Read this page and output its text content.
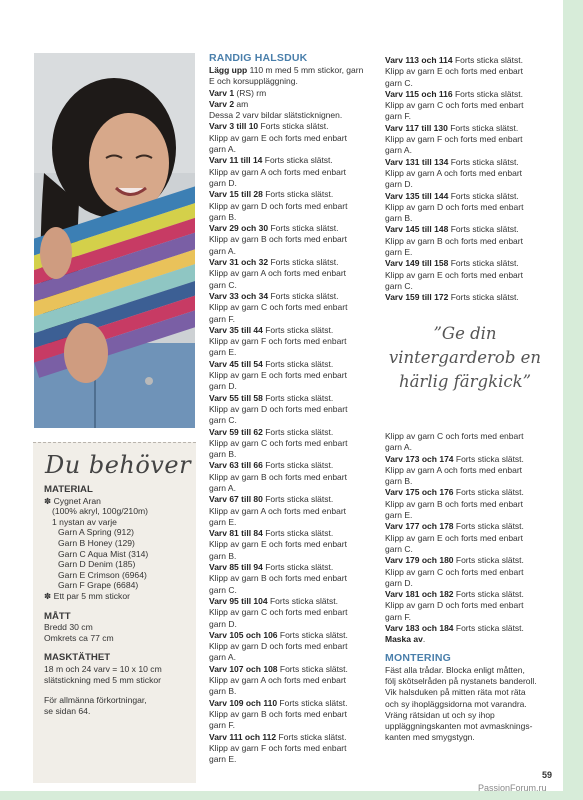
Du behöver
MATERIAL
✽ Cygnet Aran
(100% akryl, 100g/210m)
1 nystan av varje
Garn A Spring (912)
Garn B Honey (129)
Garn C Aqua Mist (314)
Garn D Denim (185)
Garn E Crimson (6964)
Garn F Grape (6684)
✽ Ett par 5 mm stickor
MÅTT
Bredd 30 cm
Omkrets ca 77 cm
MASKTÄTHET
18 m och 24 varv = 10 x 10 cm
slätstickning med 5 mm stickor
För allmänna förkortningar,
se sidan 64.
RANDIG HALSDUK
Lägg upp 110 m med 5 mm stickor, garn
E och korsuppläggning.
Varv 1 (RS) rm
Varv 2 am
Dessa 2 varv bildar slätsticknignen.
Varv 3 till 10 Forts sticka slätst.
Klipp av garn E och forts med enbart
garn A.
Varv 11 till 14 Forts sticka slätst.
Klipp av garn A och forts med enbart
garn D.
Varv 15 till 28 Forts sticka slätst.
Klipp av garn D och forts med enbart
garn B.
Varv 29 och 30 Forts sticka slätst.
Klipp av garn B och forts med enbart
garn A.
Varv 31 och 32 Forts sticka slätst.
Klipp av garn A och forts med enbart
garn C.
Varv 33 och 34 Forts sticka slätst.
Klipp av garn C och forts med enbart
garn F.
Varv 35 till 44 Forts sticka slätst.
Klipp av garn F och forts med enbart
garn E.
Varv 45 till 54 Forts sticka slätst.
Klipp av garn E och forts med enbart
garn D.
Varv 55 till 58 Forts sticka slätst.
Klipp av garn D och forts med enbart
garn C.
Varv 59 till 62 Forts sticka slätst.
Klipp av garn C och forts med enbart
garn B.
Varv 63 till 66 Forts sticka slätst.
Klipp av garn B och forts med enbart
garn A.
Varv 67 till 80 Forts sticka slätst.
Klipp av garn A och forts med enbart
garn E.
Varv 81 till 84 Forts sticka slätst.
Klipp av garn E och forts med enbart
garn B.
Varv 85 till 94 Forts sticka slätst.
Klipp av garn B och forts med enbart
garn C.
Varv 95 till 104 Forts sticka slätst.
Klipp av garn C och forts med enbart
garn D.
Varv 105 och 106 Forts sticka slätst.
Klipp av garn D och forts med enbart
garn A.
Varv 107 och 108 Forts sticka slätst.
Klipp av garn A och forts med enbart
garn B.
Varv 109 och 110 Forts sticka slätst.
Klipp av garn B och forts med enbart
garn F.
Varv 111 och 112 Forts sticka slätst.
Klipp av garn F och forts med enbart
garn E.
Varv 113 och 114 Forts sticka slätst.
Klipp av garn E och forts med enbart
garn C.
Varv 115 och 116 Forts sticka slätst.
Klipp av garn C och forts med enbart
garn F.
Varv 117 till 130 Forts sticka slätst.
Klipp av garn F och forts med enbart
garn A.
Varv 131 till 134 Forts sticka slätst.
Klipp av garn A och forts med enbart
garn D.
Varv 135 till 144 Forts sticka slätst.
Klipp av garn D och forts med enbart
garn B.
Varv 145 till 148 Forts sticka slätst.
Klipp av garn B och forts med enbart
garn E.
Varv 149 till 158 Forts sticka slätst.
Klipp av garn E och forts med enbart
garn C.
Varv 159 till 172 Forts sticka slätst.
”Ge din vintergarderob en härlig färgkick”
Klipp av garn C och forts med enbart
garn A.
Varv 173 och 174 Forts sticka slätst.
Klipp av garn A och forts med enbart
garn B.
Varv 175 och 176 Forts sticka slätst.
Klipp av garn B och forts med enbart
garn E.
Varv 177 och 178 Forts sticka slätst.
Klipp av garn E och forts med enbart
garn C.
Varv 179 och 180 Forts sticka slätst.
Klipp av garn C och forts med enbart
garn D.
Varv 181 och 182 Forts sticka slätst.
Klipp av garn D och forts med enbart
garn F.
Varv 183 och 184 Forts sticka slätst.
Maska av.
MONTERING
Fäst alla trådar. Blocka enligt måtten,
följ skötselråden på nystanets banderoll.
Vik halsduken på mitten räta mot räta
och sy ihopläggsidorna mot varandra.
Vräng rätsidan ut och sy ihop
uppläggningskanten mot avmasknings-
kanten med smygstygn.
59
PassionForum.ru
